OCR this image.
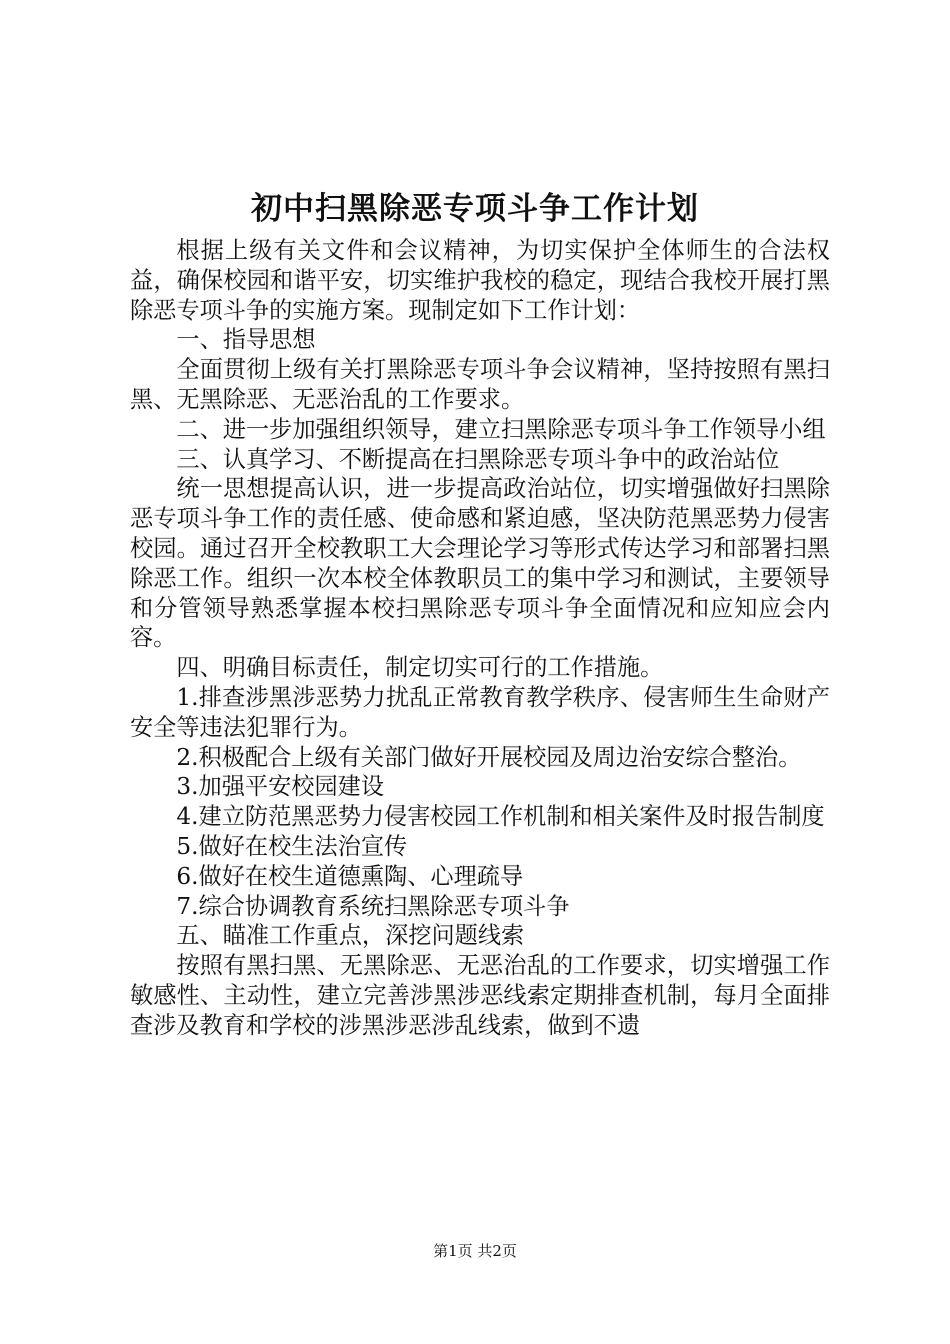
初中扫黑除恶专项斗争工作计划

根据上级有关文件和会议精神，为切实保护全体师生的合法权益，确保校园和谐平安，切实维护我校的稳定，现结合我校开展打黑除恶专项斗争的实施方案。现制定如下工作计划：

一、指导思想

全面贯彻上级有关打黑除恶专项斗争会议精神，坚持按照有黑扫黑、无黑除恶、无恶治乱的工作要求。

二、进一步加强组织领导，建立扫黑除恶专项斗争工作领导小组

三、认真学习、不断提高在扫黑除恶专项斗争中的政治站位

统一思想提高认识，进一步提高政治站位，切实增强做好扫黑除恶专项斗争工作的责任感、使命感和紧迫感，坚决防范黑恶势力侵害校园。通过召开全校教职工大会理论学习等形式传达学习和部署扫黑除恶工作。组织一次本校全体教职员工的集中学习和测试，主要领导和分管领导熟悉掌握本校扫黑除恶专项斗争全面情况和应知应会内容。

四、明确目标责任，制定切实可行的工作措施。

1.排查涉黑涉恶势力扰乱正常教育教学秩序、侵害师生生命财产安全等违法犯罪行为。

2.积极配合上级有关部门做好开展校园及周边治安综合整治。

3.加强平安校园建设

4.建立防范黑恶势力侵害校园工作机制和相关案件及时报告制度

5.做好在校生法治宣传

6.做好在校生道德熏陶、心理疏导

7.综合协调教育系统扫黑除恶专项斗争

五、瞄准工作重点，深挖问题线索

按照有黑扫黑、无黑除恶、无恶治乱的工作要求，切实增强工作敏感性、主动性，建立完善涉黑涉恶线索定期排查机制，每月全面排查涉及教育和学校的涉黑涉恶涉乱线索，做到不遗

第1页 共2页
